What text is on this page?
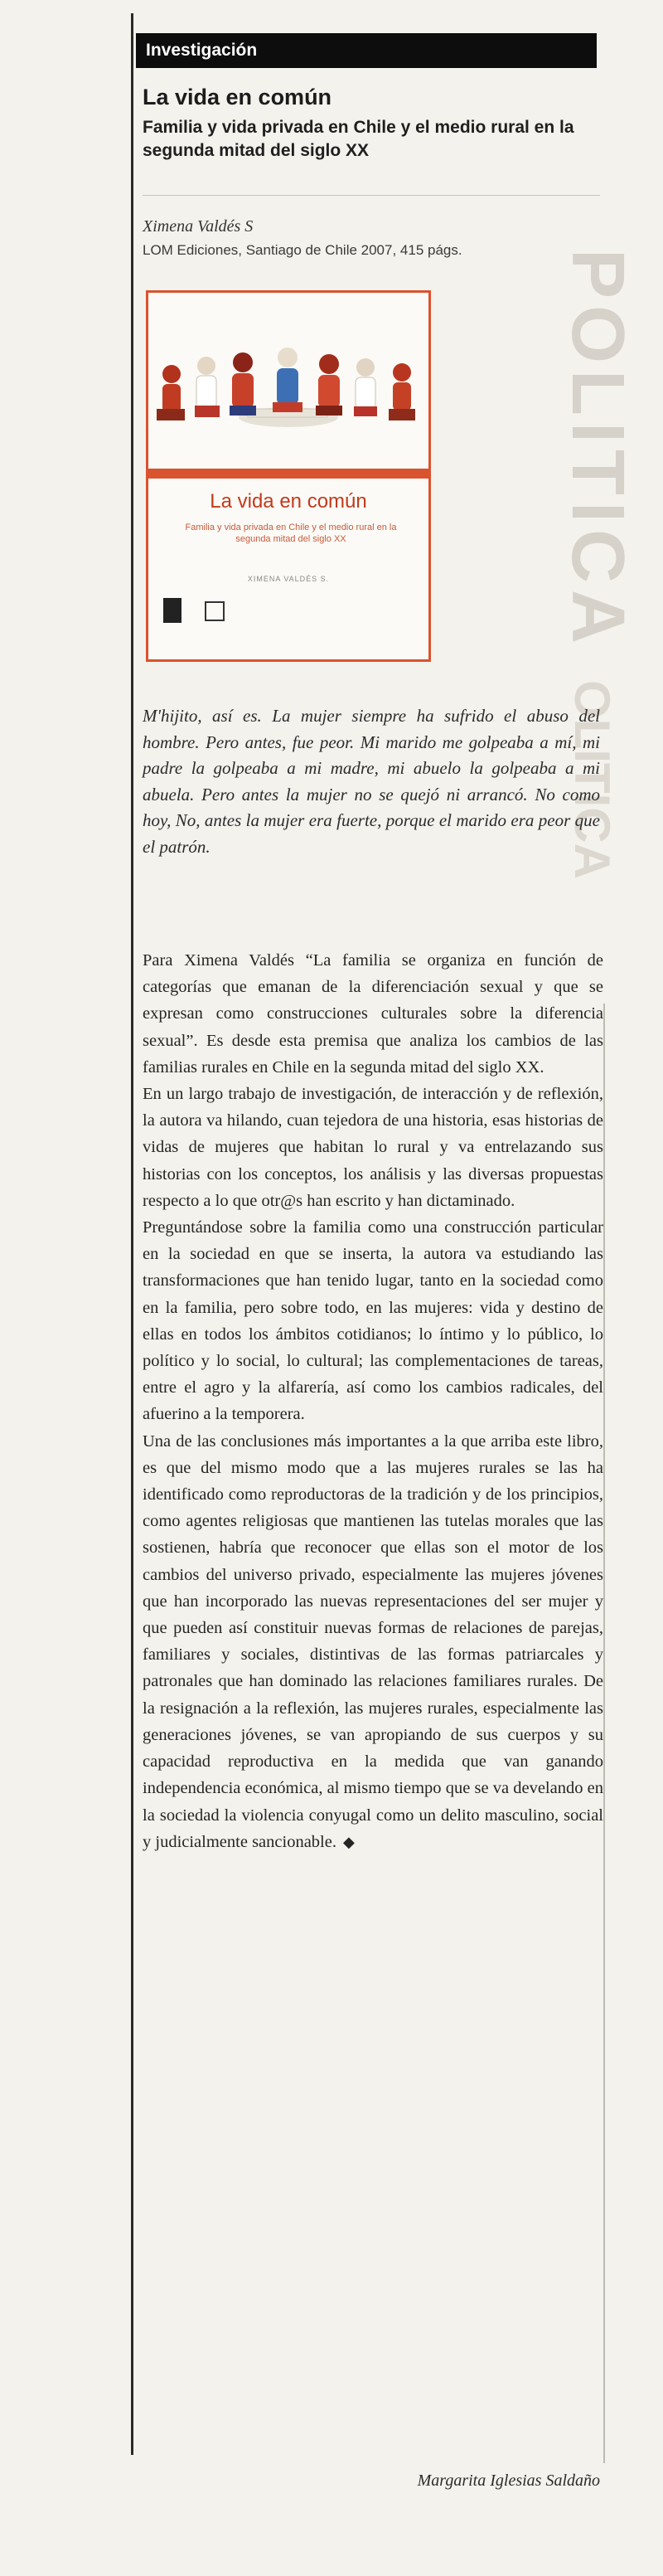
POLITICA
OLITICA
Investigación
La vida en común
Familia y vida privada en Chile y el medio rural en la segunda mitad del siglo XX
Ximena Valdés S
LOM Ediciones, Santiago de Chile 2007, 415 págs.
La vida en común
Familia y vida privada en Chile y el medio rural en la segunda mitad del siglo XX
XIMENA VALDÉS S.

M'hijito, así es. La mujer siempre ha sufrido el abuso del hombre. Pero antes, fue peor. Mi marido me golpeaba a mí, mi padre la golpeaba a mi madre, mi abuelo la golpeaba a mi abuela. Pero antes la mujer no se quejó ni arrancó. No como hoy, No, antes la mujer era fuerte, porque el marido era peor que el patrón.

Para Ximena Valdés “La familia se organiza en función de categorías que emanan de la diferenciación sexual y que se expresan como construcciones culturales sobre la diferencia sexual”. Es desde esta premisa que analiza los cambios de las familias rurales en Chile en la segunda mitad del siglo XX.

En un largo trabajo de investigación, de interacción y de reflexión, la autora va hilando, cuan tejedora de una historia, esas historias de vidas de mujeres que habitan lo rural y va entrelazando sus historias con los conceptos, los análisis y las diversas propuestas respecto a lo que otr@s han escrito y han dictaminado.

Preguntándose sobre la familia como una construcción particular en la sociedad en que se inserta, la autora va estudiando las transformaciones que han tenido lugar, tanto en la sociedad como en la familia, pero sobre todo, en las mujeres: vida y destino de ellas en todos los ámbitos cotidianos; lo íntimo y lo público, lo político y lo social, lo cultural; las complementaciones de tareas, entre el agro y la alfarería, así como los cambios radicales, del afuerino a la temporera.

Una de las conclusiones más importantes a la que arriba este libro, es que del mismo modo que a las mujeres rurales se las ha identificado como reproductoras de la tradición y de los principios, como agentes religiosas que mantienen las tutelas morales que las sostienen, habría que reconocer que ellas son el motor de los cambios del universo privado, especialmente las mujeres jóvenes que han incorporado las nuevas representaciones del ser mujer y que pueden así constituir nuevas formas de relaciones de parejas, familiares y sociales, distintivas de las formas patriarcales y patronales que han dominado las relaciones familiares rurales. De la resignación a la reflexión, las mujeres rurales, especialmente las generaciones jóvenes, se van apropiando de sus cuerpos y su capacidad reproductiva en la medida que van ganando independencia económica, al mismo tiempo que se va develando en la sociedad la violencia conyugal como un delito masculino, social y judicialmente sancionable. ◆

Margarita Iglesias Saldaño
